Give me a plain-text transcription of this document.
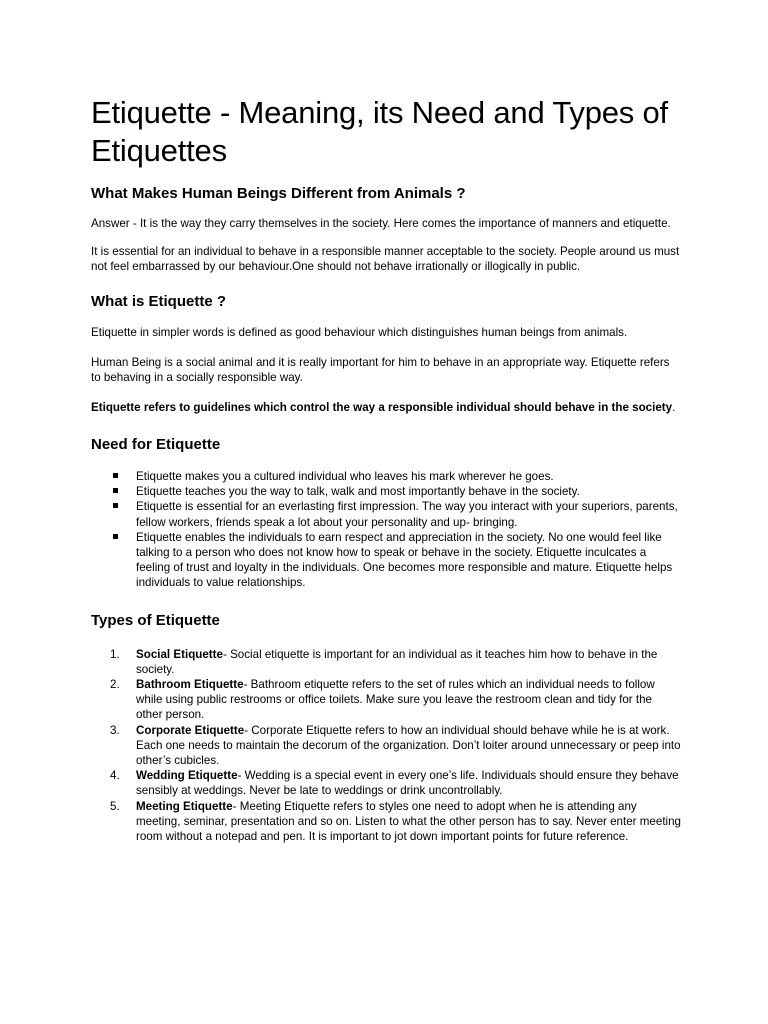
Etiquette - Meaning, its Need and Types of Etiquettes
What Makes Human Beings Different from Animals ?

Answer - It is the way they carry themselves in the society. Here comes the importance of manners and etiquette.

It is essential for an individual to behave in a responsible manner acceptable to the society. People around us must not feel embarrassed by our behaviour.One should not behave irrationally or illogically in public.

What is Etiquette ?

Etiquette in simpler words is defined as good behaviour which distinguishes human beings from animals.

Human Being is a social animal and it is really important for him to behave in an appropriate way. Etiquette refers to behaving in a socially responsible way.

Etiquette refers to guidelines which control the way a responsible individual should behave in the society.

Need for Etiquette
Etiquette makes you a cultured individual who leaves his mark wherever he goes.
Etiquette teaches you the way to talk, walk and most importantly behave in the society.
Etiquette is essential for an everlasting first impression. The way you interact with your superiors, parents, fellow workers, friends speak a lot about your personality and up- bringing.
Etiquette enables the individuals to earn respect and appreciation in the society. No one would feel like talking to a person who does not know how to speak or behave in the society. Etiquette inculcates a feeling of trust and loyalty in the individuals. One becomes more responsible and mature. Etiquette helps individuals to value relationships.
Types of Etiquette
1. Social Etiquette- Social etiquette is important for an individual as it teaches him how to behave in the society.
2. Bathroom Etiquette- Bathroom etiquette refers to the set of rules which an individual needs to follow while using public restrooms or office toilets. Make sure you leave the restroom clean and tidy for the other person.
3. Corporate Etiquette- Corporate Etiquette refers to how an individual should behave while he is at work. Each one needs to maintain the decorum of the organization. Don’t loiter around unnecessary or peep into other’s cubicles.
4. Wedding Etiquette- Wedding is a special event in every one’s life. Individuals should ensure they behave sensibly at weddings. Never be late to weddings or drink uncontrollably.
5. Meeting Etiquette- Meeting Etiquette refers to styles one need to adopt when he is attending any meeting, seminar, presentation and so on. Listen to what the other person has to say. Never enter meeting room without a notepad and pen. It is important to jot down important points for future reference.
